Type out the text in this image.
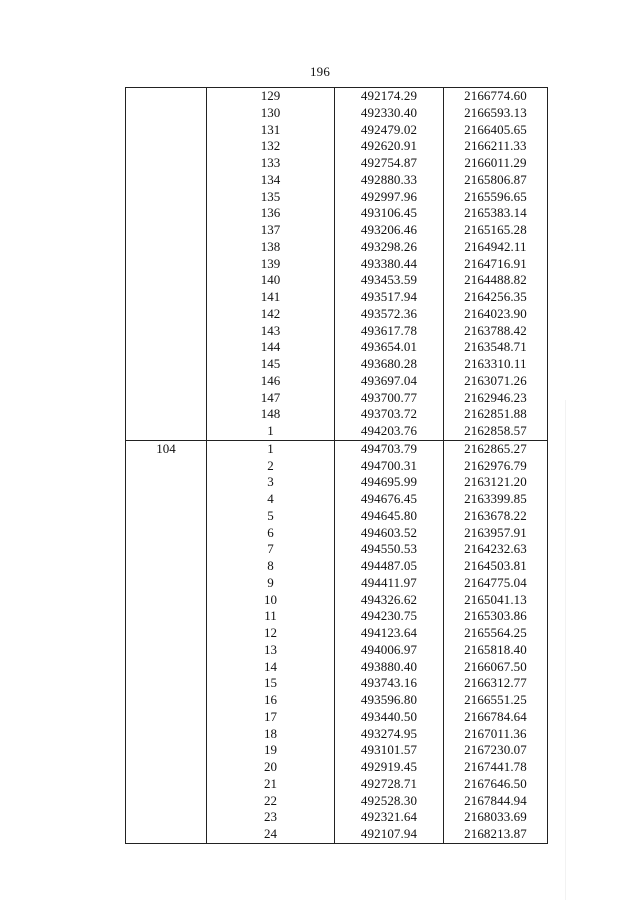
196
	129	492174.29	2166774.60
	130	492330.40	2166593.13
	131	492479.02	2166405.65
	132	492620.91	2166211.33
	133	492754.87	2166011.29
	134	492880.33	2165806.87
	135	492997.96	2165596.65
	136	493106.45	2165383.14
	137	493206.46	2165165.28
	138	493298.26	2164942.11
	139	493380.44	2164716.91
	140	493453.59	2164488.82
	141	493517.94	2164256.35
	142	493572.36	2164023.90
	143	493617.78	2163788.42
	144	493654.01	2163548.71
	145	493680.28	2163310.11
	146	493697.04	2163071.26
	147	493700.77	2162946.23
	148	493703.72	2162851.88
	1	494203.76	2162858.57
104	1	494703.79	2162865.27
	2	494700.31	2162976.79
	3	494695.99	2163121.20
	4	494676.45	2163399.85
	5	494645.80	2163678.22
	6	494603.52	2163957.91
	7	494550.53	2164232.63
	8	494487.05	2164503.81
	9	494411.97	2164775.04
	10	494326.62	2165041.13
	11	494230.75	2165303.86
	12	494123.64	2165564.25
	13	494006.97	2165818.40
	14	493880.40	2166067.50
	15	493743.16	2166312.77
	16	493596.80	2166551.25
	17	493440.50	2166784.64
	18	493274.95	2167011.36
	19	493101.57	2167230.07
	20	492919.45	2167441.78
	21	492728.71	2167646.50
	22	492528.30	2167844.94
	23	492321.64	2168033.69
	24	492107.94	2168213.87
